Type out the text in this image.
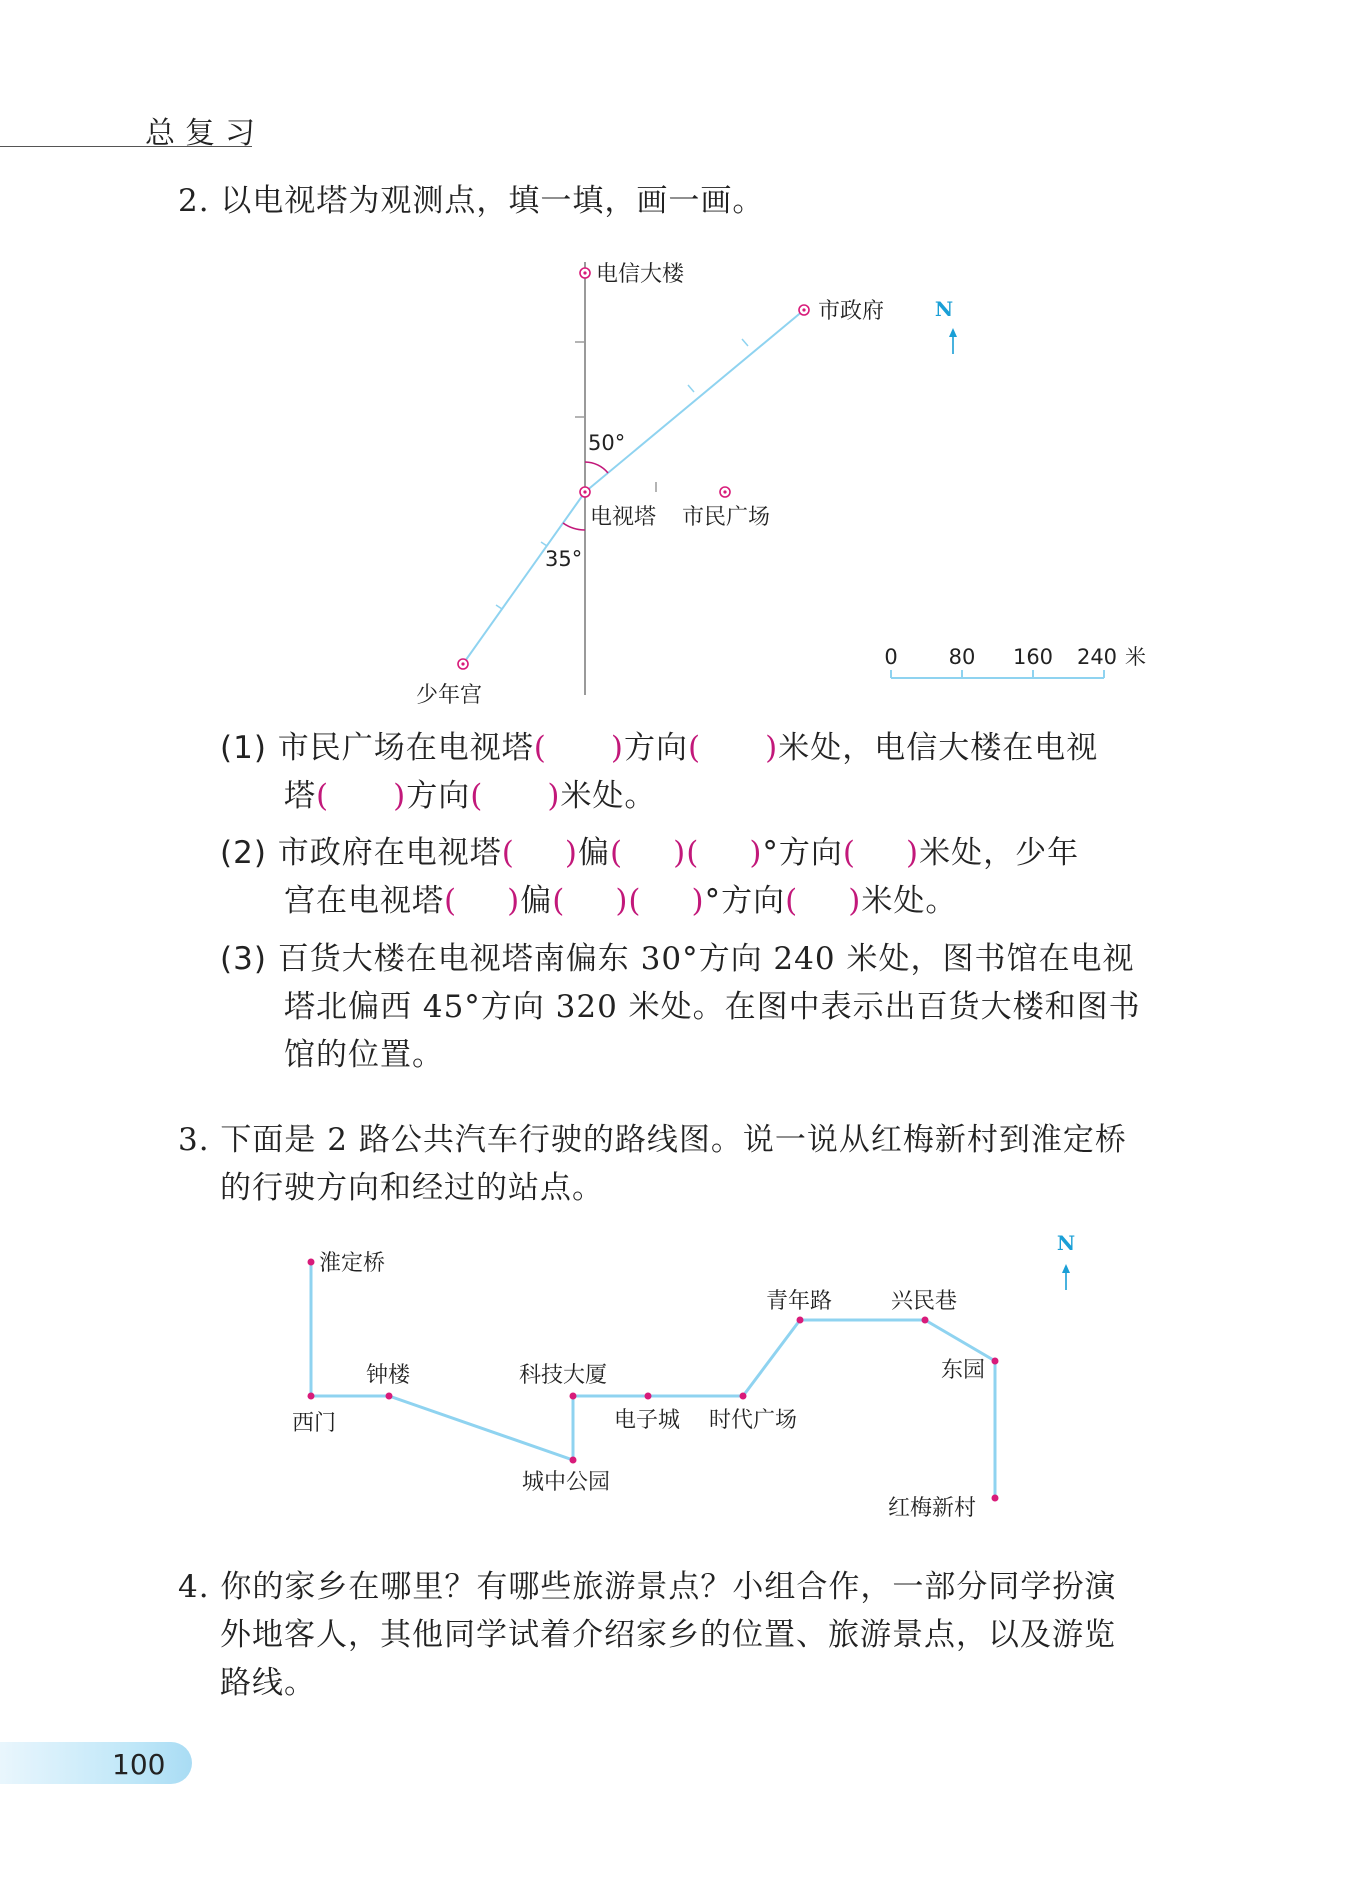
总复习
2. 以电视塔为观测点，填一填，画一画。
电信大楼
市政府
电视塔 市民广场
少年宫
50°
35°
N
0 80 160 240 米
(1) 市民广场在电视塔( )方向( )米处，电信大楼在电视
塔( )方向( )米处。
(2) 市政府在电视塔( )偏( )( )°方向( )米处，少年
宫在电视塔( )偏( )( )°方向( )米处。
(3) 百货大楼在电视塔南偏东 30°方向 240 米处，图书馆在电视
塔北偏西 45°方向 320 米处。在图中表示出百货大楼和图书
馆的位置。
3. 下面是 2 路公共汽车行驶的路线图。说一说从红梅新村到淮定桥
的行驶方向和经过的站点。
淮定桥
西门
钟楼
城中公园
科技大厦
电子城 时代广场
青年路	兴民巷
东园
红梅新村
N
4. 你的家乡在哪里？有哪些旅游景点？小组合作，一部分同学扮演
外地客人，其他同学试着介绍家乡的位置、旅游景点，以及游览
路线。
100
